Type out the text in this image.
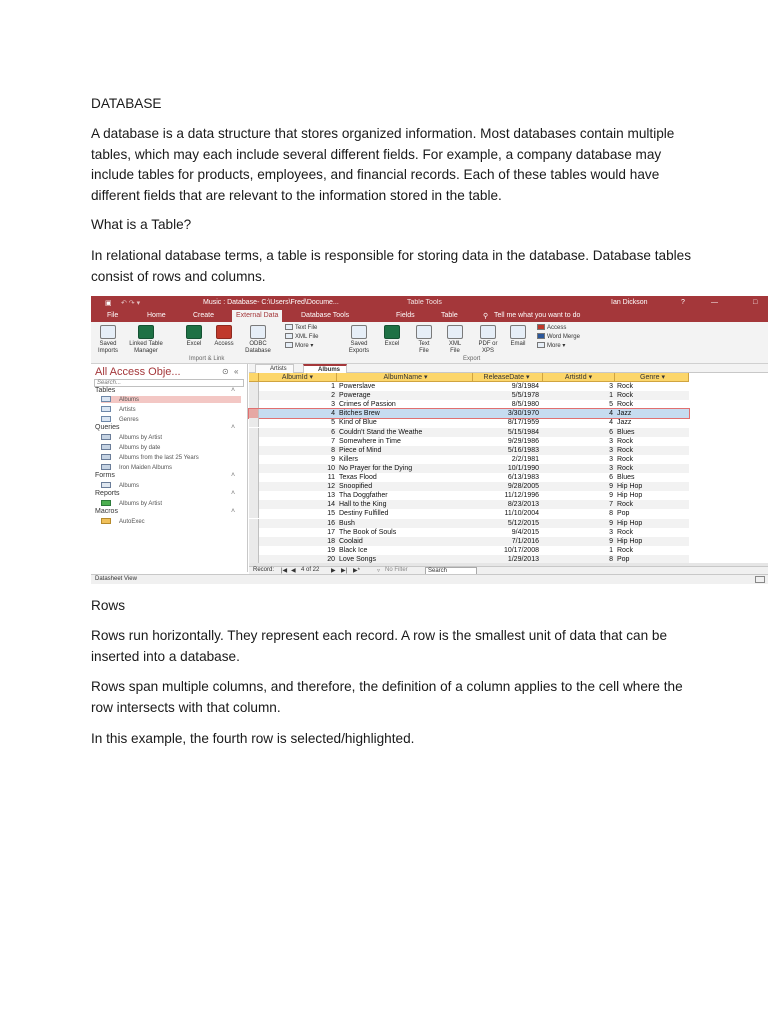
DATABASE
A database is a data structure that stores organized information. Most databases contain multiple tables, which may each include several different fields. For example, a company database may include tables for products, employees, and financial records. Each of these tables would have different fields that are relevant to the information stored in the table.
What is a Table?
In relational database terms, a table is responsible for storing data in the database. Database tables consist of rows and columns.
▣ ↶ ↷ ▾	Music : Database- C:\Users\Fred\Docume...	Table Tools	Ian Dickson	?	—	□
File	Home	Create	External Data	Database Tools	Fields	Table	⚲ Tell me what you want to do
Saved Imports
Linked Table Manager
Excel	Access	ODBC Database
Text File
XML File
More ▾
Import & Link
Saved Exports
Excel	Text File
XML File
PDF or XPS
Email
Access
Word Merge
More ▾
Export
All Access Obje...	⊙ «
Search...
Tables	˄
Albums
Artists
Genres
Queries	˄
Albums by Artist
Albums by date
Albums from the last 25 Years
Iron Maiden Albums
Forms	˄
Albums
Reports	˄
Albums by Artist
Macros	˄
AutoExec
Artists	Albums
AlbumId ▾	AlbumName ▾	ReleaseDate ▾	ArtistId ▾	Genre ▾
1 Powerslave	9/3/1984	3 Rock
2 Powerage	5/5/1978	1 Rock
3 Crimes of Passion	8/5/1980	5 Rock
4 Bitches Brew	3/30/1970	4 Jazz
5 Kind of Blue	8/17/1959	4 Jazz
6 Couldn't Stand the Weathe	5/15/1984	6 Blues
7 Somewhere in Time	9/29/1986	3 Rock
8 Piece of Mind	5/16/1983	3 Rock
9 Killers	2/2/1981	3 Rock
10 No Prayer for the Dying	10/1/1990	3 Rock
11 Texas Flood	6/13/1983	6 Blues
12 Snoopified	9/28/2005	9 Hip Hop
13 Tha Doggfather	11/12/1996	9 Hip Hop
14 Hall to the King	8/23/2013	7 Rock
15 Destiny Fulfilled	11/10/2004	8 Pop
16 Bush	5/12/2015	9 Hip Hop
17 The Book of Souls	9/4/2015	3 Rock
18 Coolaid	7/1/2016	9 Hip Hop
19 Black Ice	10/17/2008	1 Rock
20 Love Songs	1/29/2013	8 Pop
Record: |◀ ◀ 4 of 22 ▶ ▶| ▶*	▿ No Filter	Search
Datasheet View
Rows
Rows run horizontally. They represent each record. A row is the smallest unit of data that can be inserted into a database.
Rows span multiple columns, and therefore, the definition of a column applies to the cell where the row intersects with that column.
In this example, the fourth row is selected/highlighted.
